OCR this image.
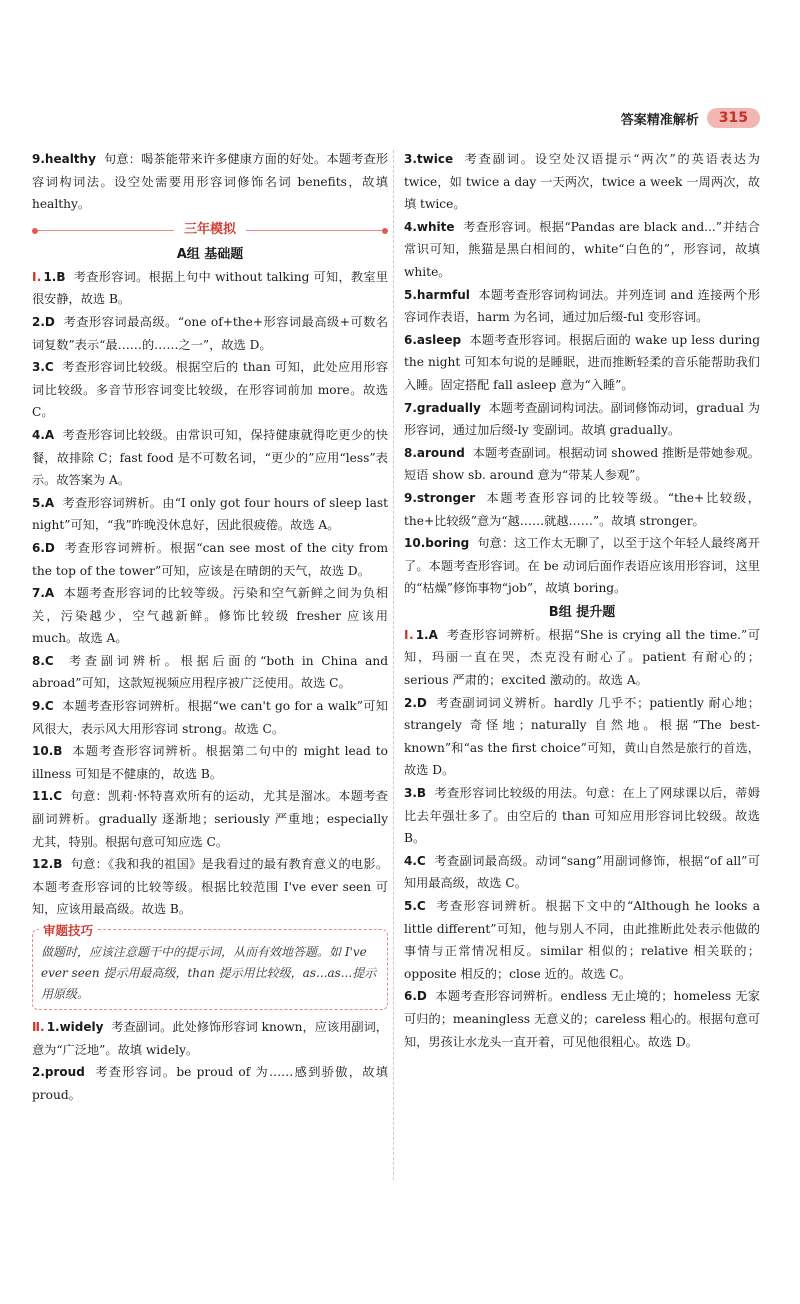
答案精准解析	315

9.healthy 句意：喝茶能带来许多健康方面的好处。本题考查形容词构词法。设空处需要用形容词修饰名词 benefits，故填 healthy。

三年模拟

A组 基础题

Ⅰ. 1.B 考查形容词。根据上句中 without talking 可知，教室里很安静，故选 B。

2.D 考查形容词最高级。“one of+the+形容词最高级+可数名词复数”表示“最……的……之一”，故选 D。

3.C 考查形容词比较级。根据空后的 than 可知，此处应用形容词比较级。多音节形容词变比较级，在形容词前加 more。故选 C。

4.A 考查形容词比较级。由常识可知，保持健康就得吃更少的快餐，故排除 C；fast food 是不可数名词，“更少的”应用“less”表示。故答案为 A。

5.A 考查形容词辨析。由“I only got four hours of sleep last night”可知，“我”昨晚没休息好，因此很疲倦。故选 A。

6.D 考查形容词辨析。根据“can see most of the city from the top of the tower”可知，应该是在晴朗的天气，故选 D。

7.A 本题考查形容词的比较等级。污染和空气新鲜之间为负相关，污染越少，空气越新鲜。修饰比较级 fresher 应该用 much。故选 A。

8.C 考查副词辨析。根据后面的“both in China and abroad”可知，这款短视频应用程序被广泛使用。故选 C。

9.C 本题考查形容词辨析。根据“we can't go for a walk”可知风很大，表示风大用形容词 strong。故选 C。

10.B 本题考查形容词辨析。根据第二句中的 might lead to illness 可知是不健康的，故选 B。

11.C 句意：凯莉·怀特喜欢所有的运动，尤其是溜冰。本题考查副词辨析。gradually 逐渐地；seriously 严重地；especially 尤其，特别。根据句意可知应选 C。

12.B 句意：《我和我的祖国》是我看过的最有教育意义的电影。本题考查形容词的比较等级。根据比较范围 I've ever seen 可知，应该用最高级。故选 B。

审题技巧
做题时，应该注意题干中的提示词，从而有效地答题。如 I've ever seen 提示用最高级，than 提示用比较级，as...as...提示用原级。

Ⅱ. 1.widely 考查副词。此处修饰形容词 known，应该用副词，意为“广泛地”。故填 widely。

2.proud 考查形容词。be proud of 为……感到骄傲，故填 proud。

3.twice 考查副词。设空处汉语提示“两次”的英语表达为 twice，如 twice a day 一天两次，twice a week 一周两次，故填 twice。

4.white 考查形容词。根据“Pandas are black and...”并结合常识可知，熊猫是黑白相间的，white“白色的”，形容词，故填 white。

5.harmful 本题考查形容词构词法。并列连词 and 连接两个形容词作表语，harm 为名词，通过加后缀-ful 变形容词。

6.asleep 本题考查形容词。根据后面的 wake up less during the night 可知本句说的是睡眠，进而推断轻柔的音乐能帮助我们入睡。固定搭配 fall asleep 意为“入睡”。

7.gradually 本题考查副词构词法。副词修饰动词，gradual 为形容词，通过加后缀-ly 变副词。故填 gradually。

8.around 本题考查副词。根据动词 showed 推断是带她参观。短语 show sb. around 意为“带某人参观”。

9.stronger 本题考查形容词的比较等级。“the+比较级，the+比较级”意为“越……就越……”。故填 stronger。

10.boring 句意：这工作太无聊了，以至于这个年轻人最终离开了。本题考查形容词。在 be 动词后面作表语应该用形容词，这里的“枯燥”修饰事物“job”，故填 boring。

B组 提升题

Ⅰ. 1.A 考查形容词辨析。根据“She is crying all the time.”可知，玛丽一直在哭，杰克没有耐心了。patient 有耐心的；serious 严肃的；excited 激动的。故选 A。

2.D 考查副词词义辨析。hardly 几乎不；patiently 耐心地；strangely 奇怪地；naturally 自然地。根据“The best-known”和“as the first choice”可知，黄山自然是旅行的首选，故选 D。

3.B 考查形容词比较级的用法。句意：在上了网球课以后，蒂姆比去年强壮多了。由空后的 than 可知应用形容词比较级。故选 B。

4.C 考查副词最高级。动词“sang”用副词修饰，根据“of all”可知用最高级，故选 C。

5.C 考查形容词辨析。根据下文中的“Although he looks a little different”可知，他与别人不同，由此推断此处表示他做的事情与正常情况相反。similar 相似的；relative 相关联的；opposite 相反的；close 近的。故选 C。

6.D 本题考查形容词辨析。endless 无止境的；homeless 无家可归的；meaningless 无意义的；careless 粗心的。根据句意可知，男孩让水龙头一直开着，可见他很粗心。故选 D。
